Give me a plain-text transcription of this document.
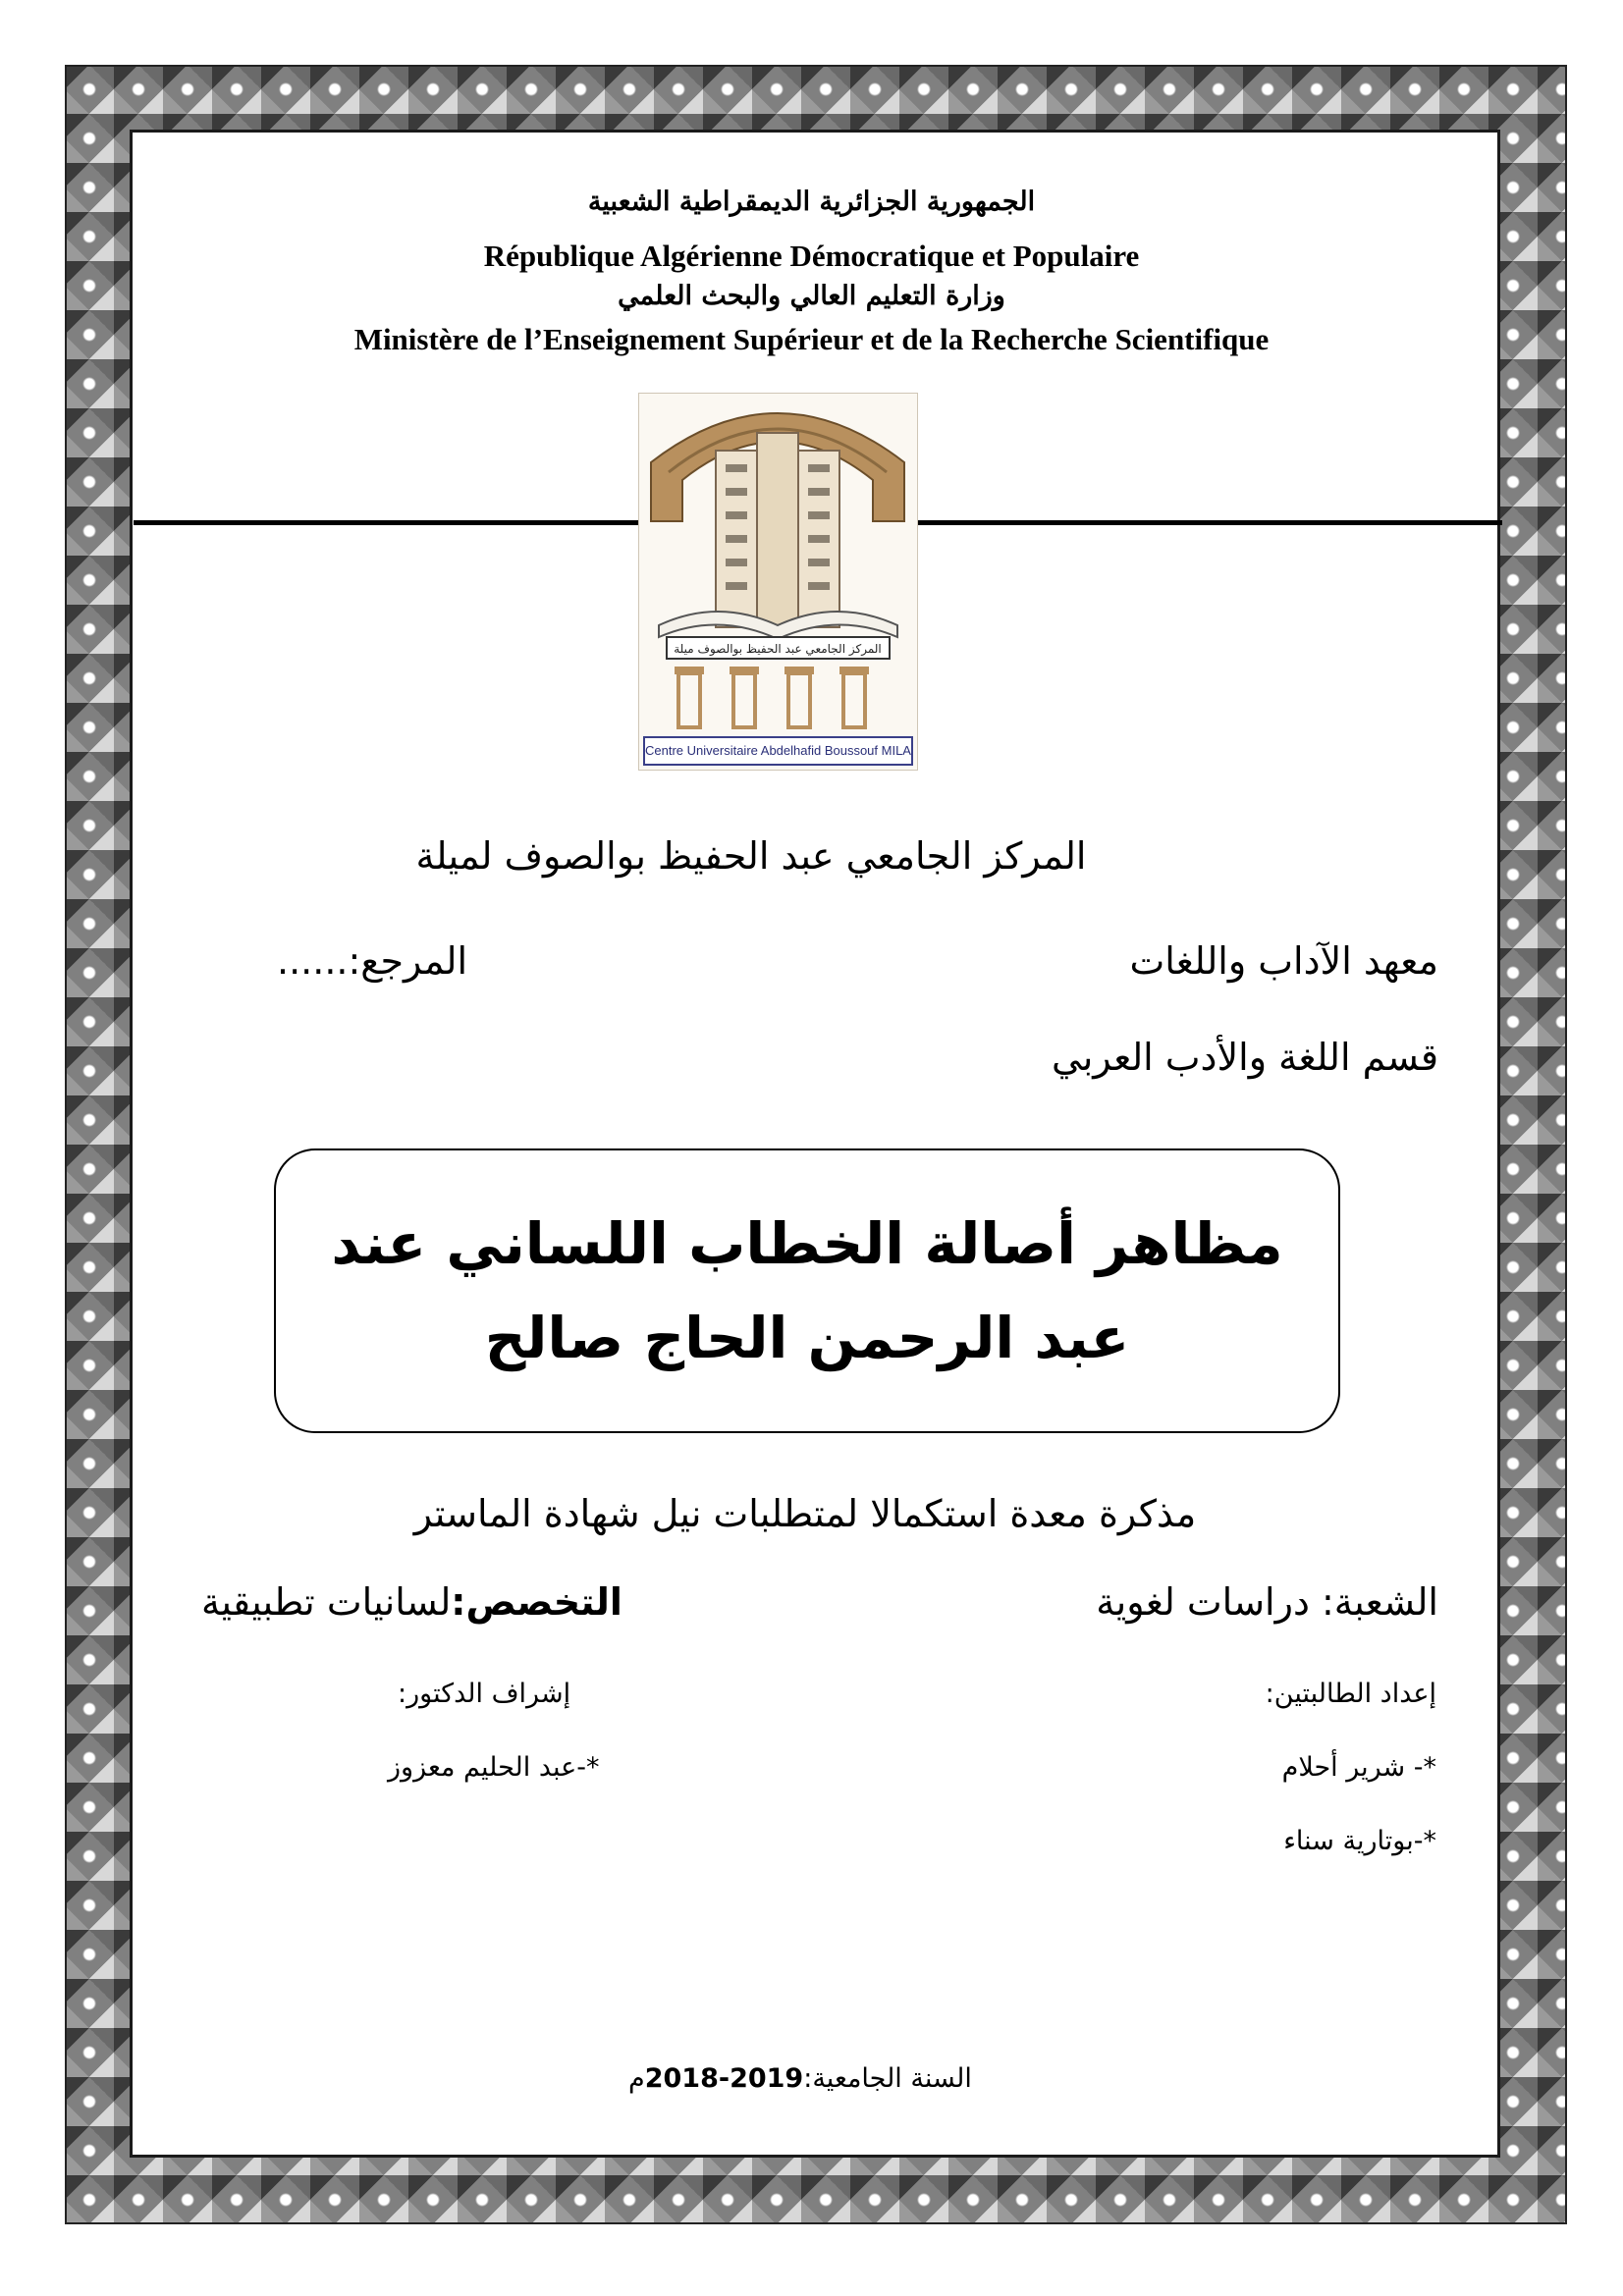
الجمهورية الجزائرية الديمقراطية الشعبية
République Algérienne Démocratique et Populaire
وزارة التعليم العالي والبحث العلمي
Ministère de l’Enseignement Supérieur et de la Recherche Scientifique
المركز الجامعي عبد الحفيظ بوالصوف ميلة
Centre Universitaire Abdelhafid Boussouf MILA
المركز الجامعي عبد الحفيظ بوالصوف لميلة
معهد الآداب واللغات
المرجع:......
قسم اللغة والأدب العربي
مظاهر أصالة الخطاب اللساني عند عبد الرحمن الحاج صالح
مذكرة معدة استكمالا لمتطلبات نيل شهادة الماستر
الشعبة: دراسات لغوية
التخصص:لسانيات تطبيقية
إعداد الطالبتين:
إشراف الدكتور:
*- شرير أحلام
*-عبد الحليم معزوز
*-بوتارية سناء
السنة الجامعية:2018-2019م
